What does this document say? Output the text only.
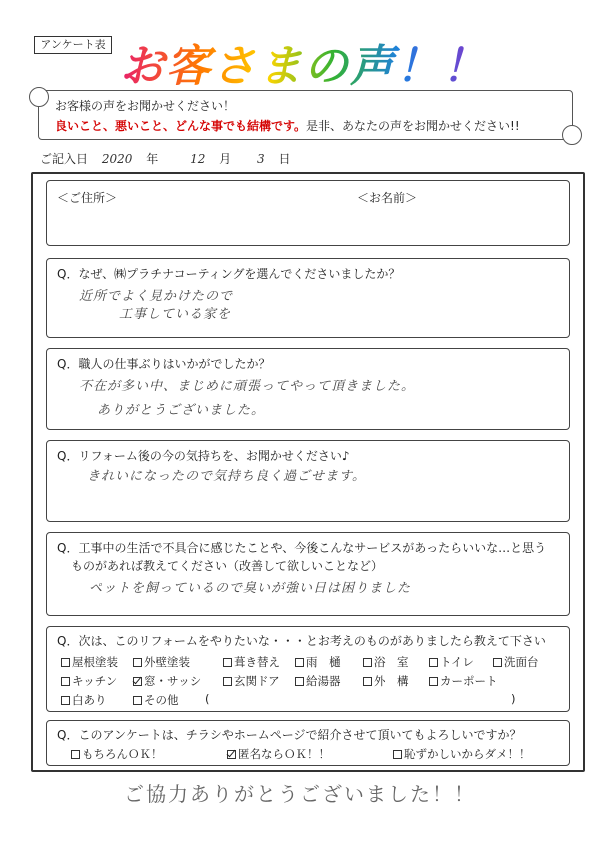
アンケート表 お客さまの声！！
お客様の声をお聞かせください！
良いこと、悪いこと、どんな事でも結構です。是非、あなたの声をお聞かせください!!
ご記入日 2020 年	12 月 3 日
＜ご住所＞	＜お名前＞
Q．なぜ、㈱プラチナコーティングを選んでくださいましたか？
近所でよく見かけたので
工事している家を
Q．職人の仕事ぶりはいかがでしたか？
不在が多い中、まじめに頑張ってやって頂きました。
ありがとうございました。
Q．リフォーム後の今の気持ちを、お聞かせください♪
きれいになったので気持ち良く過ごせます。
Q．工事中の生活で不具合に感じたことや、今後こんなサービスがあったらいいな…と思う
ものがあれば教えてください（改善して欲しいことなど）
ペットを飼っているので臭いが強い日は困りました
Q．次は、このリフォームをやりたいな・・・とお考えのものがありましたら教えて下さい
屋根塗装	外壁塗装	葺き替え	雨　樋	浴　室	トイレ	洗面台
キッチン	窓・サッシ	玄関ドア	給湯器	外　構	カーポート
白あり	その他 (	)
Q．このアンケートは、チラシやホームページで紹介させて頂いてもよろしいですか？
もちろんＯＫ！	匿名ならＯＫ！！	恥ずかしいからダメ！！
ご協力ありがとうございました！！
